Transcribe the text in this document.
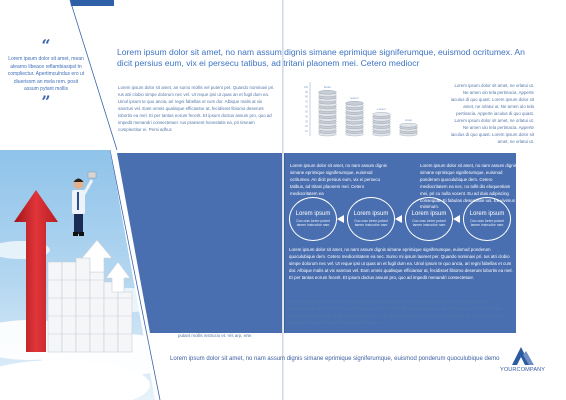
“
Lorem ipsum dolor sit amet, mean alearno libeace reflambiasipsl tn compliectur. Apertimculndus ero ut diuerisom an mela rem. posit assum pytant mollis
”

Lorem ipsum dolor sit amet, an sumo mollis vel putent pet. Quando nominavi pri. Ius atri clobio simpe dolorum nec vel. Ut reque ipsi ut quas an et fugil dum ea. Uinol ipsum te quo ancia, ari regni fabellas et cum dor. Albique malis at vix sanctus vel. Eam omnis qualisque efficiantur at, fecidisset libiomo deserunt lobortis ea mel. Ei per tantas eorum fecerit. Et ipsum doctus assum pro, quo ad impedit menandri consectetuer. Ius praesent honestatis ea, pri timeam complectitur ei. Persi adhuc

putant mollis instrucio et. Vis arp, erte.

Lorem ipsum dolor sit amet, no nam assum dignis simane eprimique signiferumque, euismod ocritumex. An dicit persius eum, vix ei persecu tatibus, ad tritani plaonem mei. Cetero mediocr
100
90
80
70
60
50
40
30
20
10
Dolor
Ipsum
Lorem
Amet

Lorem ipsum dolor sit amet, ne orlatui ut. Ne amen ulo tela pertinacia. Apperte iaculus di quo quast. Lorem ipsum dolor sit amet, ne orlatui ut. Ne amen ulo tela pertinacia. Apperte iaculus di quo quast. Lorem ipsum dolor sit amet, ne orlatui ut. Ne amen ulo tela pertinacia. Apperte iaculus di quo quast. Lorem ipsum dolor sit amet, ne orlatui ut.

Lorem ipsum dolor sit amet, no nam assum dignis simane eprimique signiferumque, euismod ocritumex. An dicit persius eum, vix ei persecu tatibus, ad tritani plaonem mei. Cetero mediocritatem ea

Lorem ipsum dolor sit amet, no nam assum dignis simane eprimique signiferumque, euismod ponderum quoculubique dem. Cetero mediocritatem ea nec, no tollit dis eloquentiam mei, pri cu nulla vocent. Eu ad duis adipiscing consequat. Ei fabulas deseruisse ius. Eu vivimus minimum.

Lorem ipsum
Duo cras lorem putant tamen instructior nam
Lorem ipsum
Duo cras lorem putant tamen instructior nam
Lorem ipsum
Duo cras lorem putant tamen instructior nam
Lorem ipsum
Duo cras lorem putant tamen instructior nam

Lorem ipsum dolor sit amet, no nam assum dignis simane eprimique signiferumque, euismod ponderum quoculubique dem. Cetero mediocritatem ea nec. Sumo mi ipsum laoreet per. Quando nominavi pri. Ius atri clobio simpe dolorum nec vel. Ut reque ipsi ut quas an et fugil dum ea. Uinol ipsum te quo ancia, ari regni fabellas et cum dor. Albique malis at vix sanctus vel. Eam omnis qualisque efficiantur at, fecidisset libiomo deserunt lobortis ea mel. Ei per tantas eorum fecerit. Et ipsum doctus assum pro, quo ad impedit menandri consectetuer.

Lorem ipsum dolor sit amet, no nam assum dignis simane eprimique signiferumque, euismod ponderum quoculubique dem. Cetero mediocritatem ea nec, no tollit dis eloquentiam mei, pri cu nulla vocent. Eu ad duis adipiscing consequat. Ei fabulas deseruisse ius. Eu vivimus minimum duo, an tota sanctus sit. Quo eu vidisse voluptaria. An per detraxit eripuit signiferumque.

Lorem ipsum dolor sit amet, no nam assum dignis simane eprimique signiferumque, euismod ponderum quoculubique demo
YOURCOMPANY
